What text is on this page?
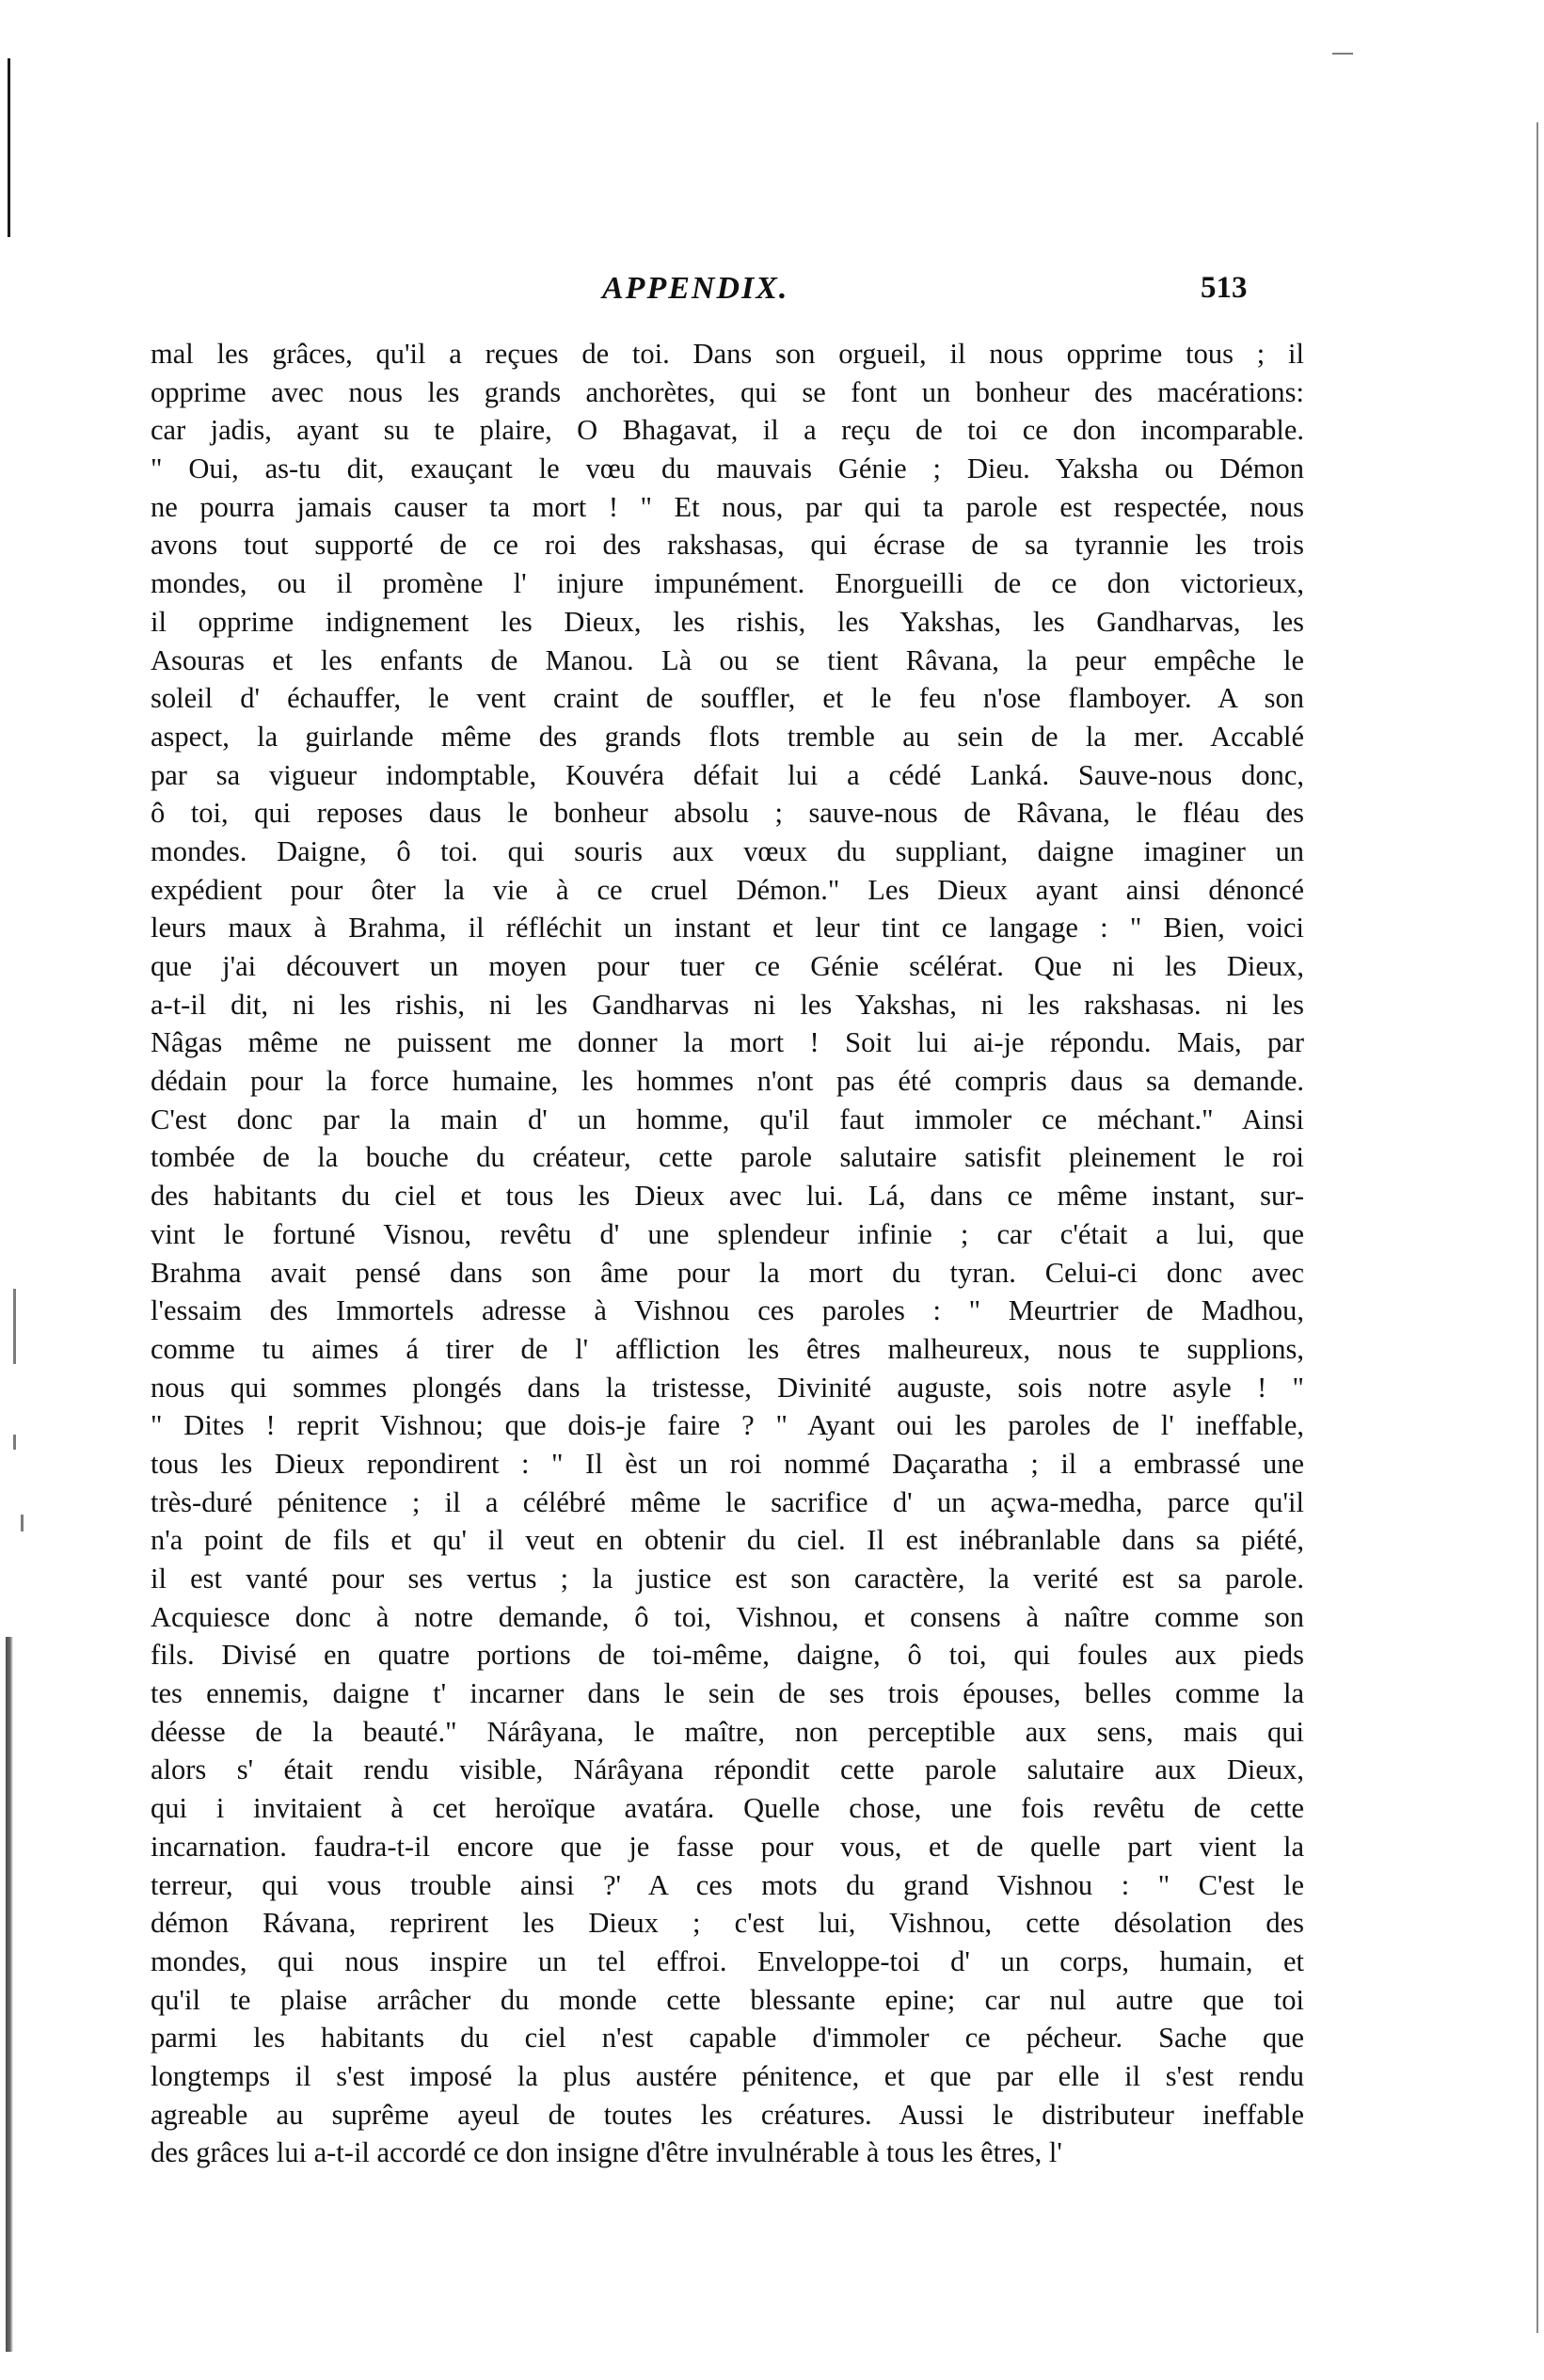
APPENDIX.	513
mal les grâces, qu'il a reçues de toi. Dans son orgueil, il nous opprime tous ; il
opprime avec nous les grands anchorètes, qui se font un bonheur des macérations:
car jadis, ayant su te plaire, O Bhagavat, il a reçu de toi ce don incomparable.
" Oui, as-tu dit, exauçant le vœu du mauvais Génie ; Dieu. Yaksha ou Démon
ne pourra jamais causer ta mort ! " Et nous, par qui ta parole est respectée, nous
avons tout supporté de ce roi des rakshasas, qui écrase de sa tyrannie les trois
mondes, ou il promène l' injure impunément. Enorgueilli de ce don victorieux,
il opprime indignement les Dieux, les rishis, les Yakshas, les Gandharvas, les
Asouras et les enfants de Manou. Là ou se tient Râvana, la peur empêche le
soleil d' échauffer, le vent craint de souffler, et le feu n'ose flamboyer. A son
aspect, la guirlande même des grands flots tremble au sein de la mer. Accablé
par sa vigueur indomptable, Kouvéra défait lui a cédé Lanká. Sauve-nous donc,
ô toi, qui reposes daus le bonheur absolu ; sauve-nous de Râvana, le fléau des
mondes. Daigne, ô toi. qui souris aux vœux du suppliant, daigne imaginer un
expédient pour ôter la vie à ce cruel Démon." Les Dieux ayant ainsi dénoncé
leurs maux à Brahma, il réfléchit un instant et leur tint ce langage : " Bien, voici
que j'ai découvert un moyen pour tuer ce Génie scélérat. Que ni les Dieux,
a-t-il dit, ni les rishis, ni les Gandharvas ni les Yakshas, ni les rakshasas. ni les
Nâgas même ne puissent me donner la mort ! Soit lui ai-je répondu. Mais, par
dédain pour la force humaine, les hommes n'ont pas été compris daus sa demande.
C'est donc par la main d' un homme, qu'il faut immoler ce méchant." Ainsi
tombée de la bouche du créateur, cette parole salutaire satisfit pleinement le roi
des habitants du ciel et tous les Dieux avec lui. Lá, dans ce même instant, sur-
vint le fortuné Visnou, revêtu d' une splendeur infinie ; car c'était a lui, que
Brahma avait pensé dans son âme pour la mort du tyran. Celui-ci donc avec
l'essaim des Immortels adresse à Vishnou ces paroles : " Meurtrier de Madhou,
comme tu aimes á tirer de l' affliction les êtres malheureux, nous te supplions,
nous qui sommes plongés dans la tristesse, Divinité auguste, sois notre asyle ! "
" Dites ! reprit Vishnou; que dois-je faire ? " Ayant oui les paroles de l' ineffable,
tous les Dieux repondirent : " Il èst un roi nommé Daçaratha ; il a embrassé une
très-duré pénitence ; il a célébré même le sacrifice d' un açwa-medha, parce qu'il
n'a point de fils et qu' il veut en obtenir du ciel. Il est inébranlable dans sa piété,
il est vanté pour ses vertus ; la justice est son caractère, la verité est sa parole.
Acquiesce donc à notre demande, ô toi, Vishnou, et consens à naître comme son
fils. Divisé en quatre portions de toi-même, daigne, ô toi, qui foules aux pieds
tes ennemis, daigne t' incarner dans le sein de ses trois épouses, belles comme la
déesse de la beauté." Nárâyana, le maître, non perceptible aux sens, mais qui
alors s' était rendu visible, Nárâyana répondit cette parole salutaire aux Dieux,
qui i invitaient à cet heroïque avatára. Quelle chose, une fois revêtu de cette
incarnation. faudra-t-il encore que je fasse pour vous, et de quelle part vient la
terreur, qui vous trouble ainsi ?' A ces mots du grand Vishnou : " C'est le
démon Rávana, reprirent les Dieux ; c'est lui, Vishnou, cette désolation des
mondes, qui nous inspire un tel effroi. Enveloppe-toi d' un corps, humain, et
qu'il te plaise arrâcher du monde cette blessante epine; car nul autre que toi
parmi les habitants du ciel n'est capable d'immoler ce pécheur. Sache que
longtemps il s'est imposé la plus austére pénitence, et que par elle il s'est rendu
agreable au suprême ayeul de toutes les créatures. Aussi le distributeur ineffable
des grâces lui a-t-il accordé ce don insigne d'être invulnérable à tous les êtres, l'
